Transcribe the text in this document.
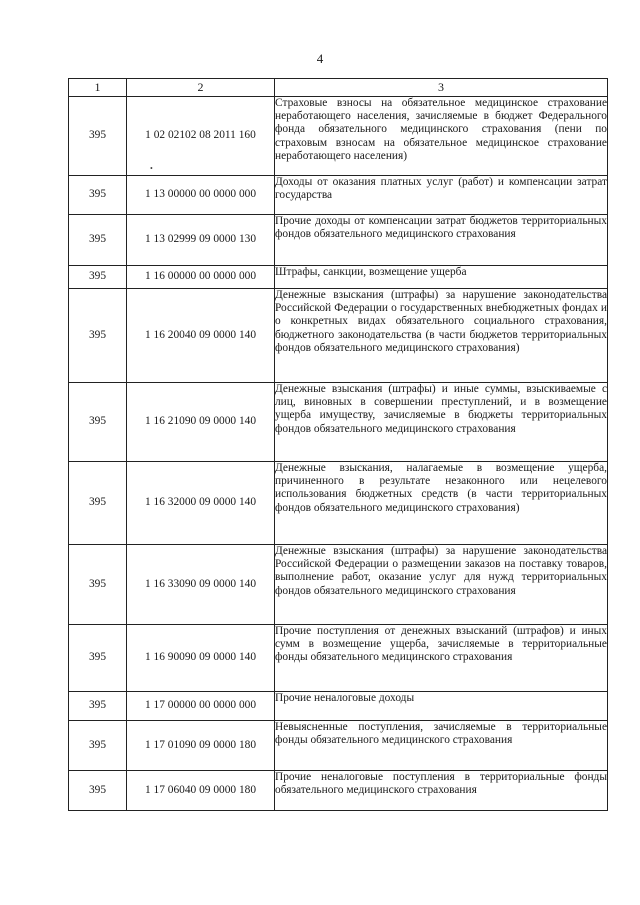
4
•
1	2	3
395	1 02 02102 08 2011 160	Страховые взносы на обязательное медицинское страхование неработающего населения, зачисляемые в бюджет Федерального фонда обязательного медицинского страхования (пени по страховым взносам на обязательное медицинское страхование неработающего населения)
395	1 13 00000 00 0000 000	Доходы от оказания платных услуг (работ) и компенсации затрат государства
395	1 13 02999 09 0000 130	Прочие доходы от компенсации затрат бюджетов территориальных фондов обязательного медицинского страхования
395	1 16 00000 00 0000 000	Штрафы, санкции, возмещение ущерба
395	1 16 20040 09 0000 140	Денежные взыскания (штрафы) за нарушение законодательства Российской Федерации о государственных внебюджетных фондах и о конкретных видах обязательного социального страхования, бюджетного законодательства (в части бюджетов территориальных фондов обязательного медицинского страхования)
395	1 16 21090 09 0000 140	Денежные взыскания (штрафы) и иные суммы, взыскиваемые с лиц, виновных в совершении преступлений, и в возмещение ущерба имуществу, зачисляемые в бюджеты территориальных фондов обязательного медицинского страхования
395	1 16 32000 09 0000 140	Денежные взыскания, налагаемые в возмещение ущерба, причиненного в результате незаконного или нецелевого использования бюджетных средств (в части территориальных фондов обязательного медицинского страхования)
395	1 16 33090 09 0000 140	Денежные взыскания (штрафы) за нарушение законодательства Российской Федерации о размещении заказов на поставку товаров, выполнение работ, оказание услуг для нужд территориальных фондов обязательного медицинского страхования
395	1 16 90090 09 0000 140	Прочие поступления от денежных взысканий (штрафов) и иных сумм в возмещение ущерба, зачисляемые в территориальные фонды обязательного медицинского страхования
395	1 17 00000 00 0000 000	Прочие неналоговые доходы
395	1 17 01090 09 0000 180	Невыясненные поступления, зачисляемые в территориальные фонды обязательного медицинского страхования
395	1 17 06040 09 0000 180	Прочие неналоговые поступления в территориальные фонды обязательного медицинского страхования
